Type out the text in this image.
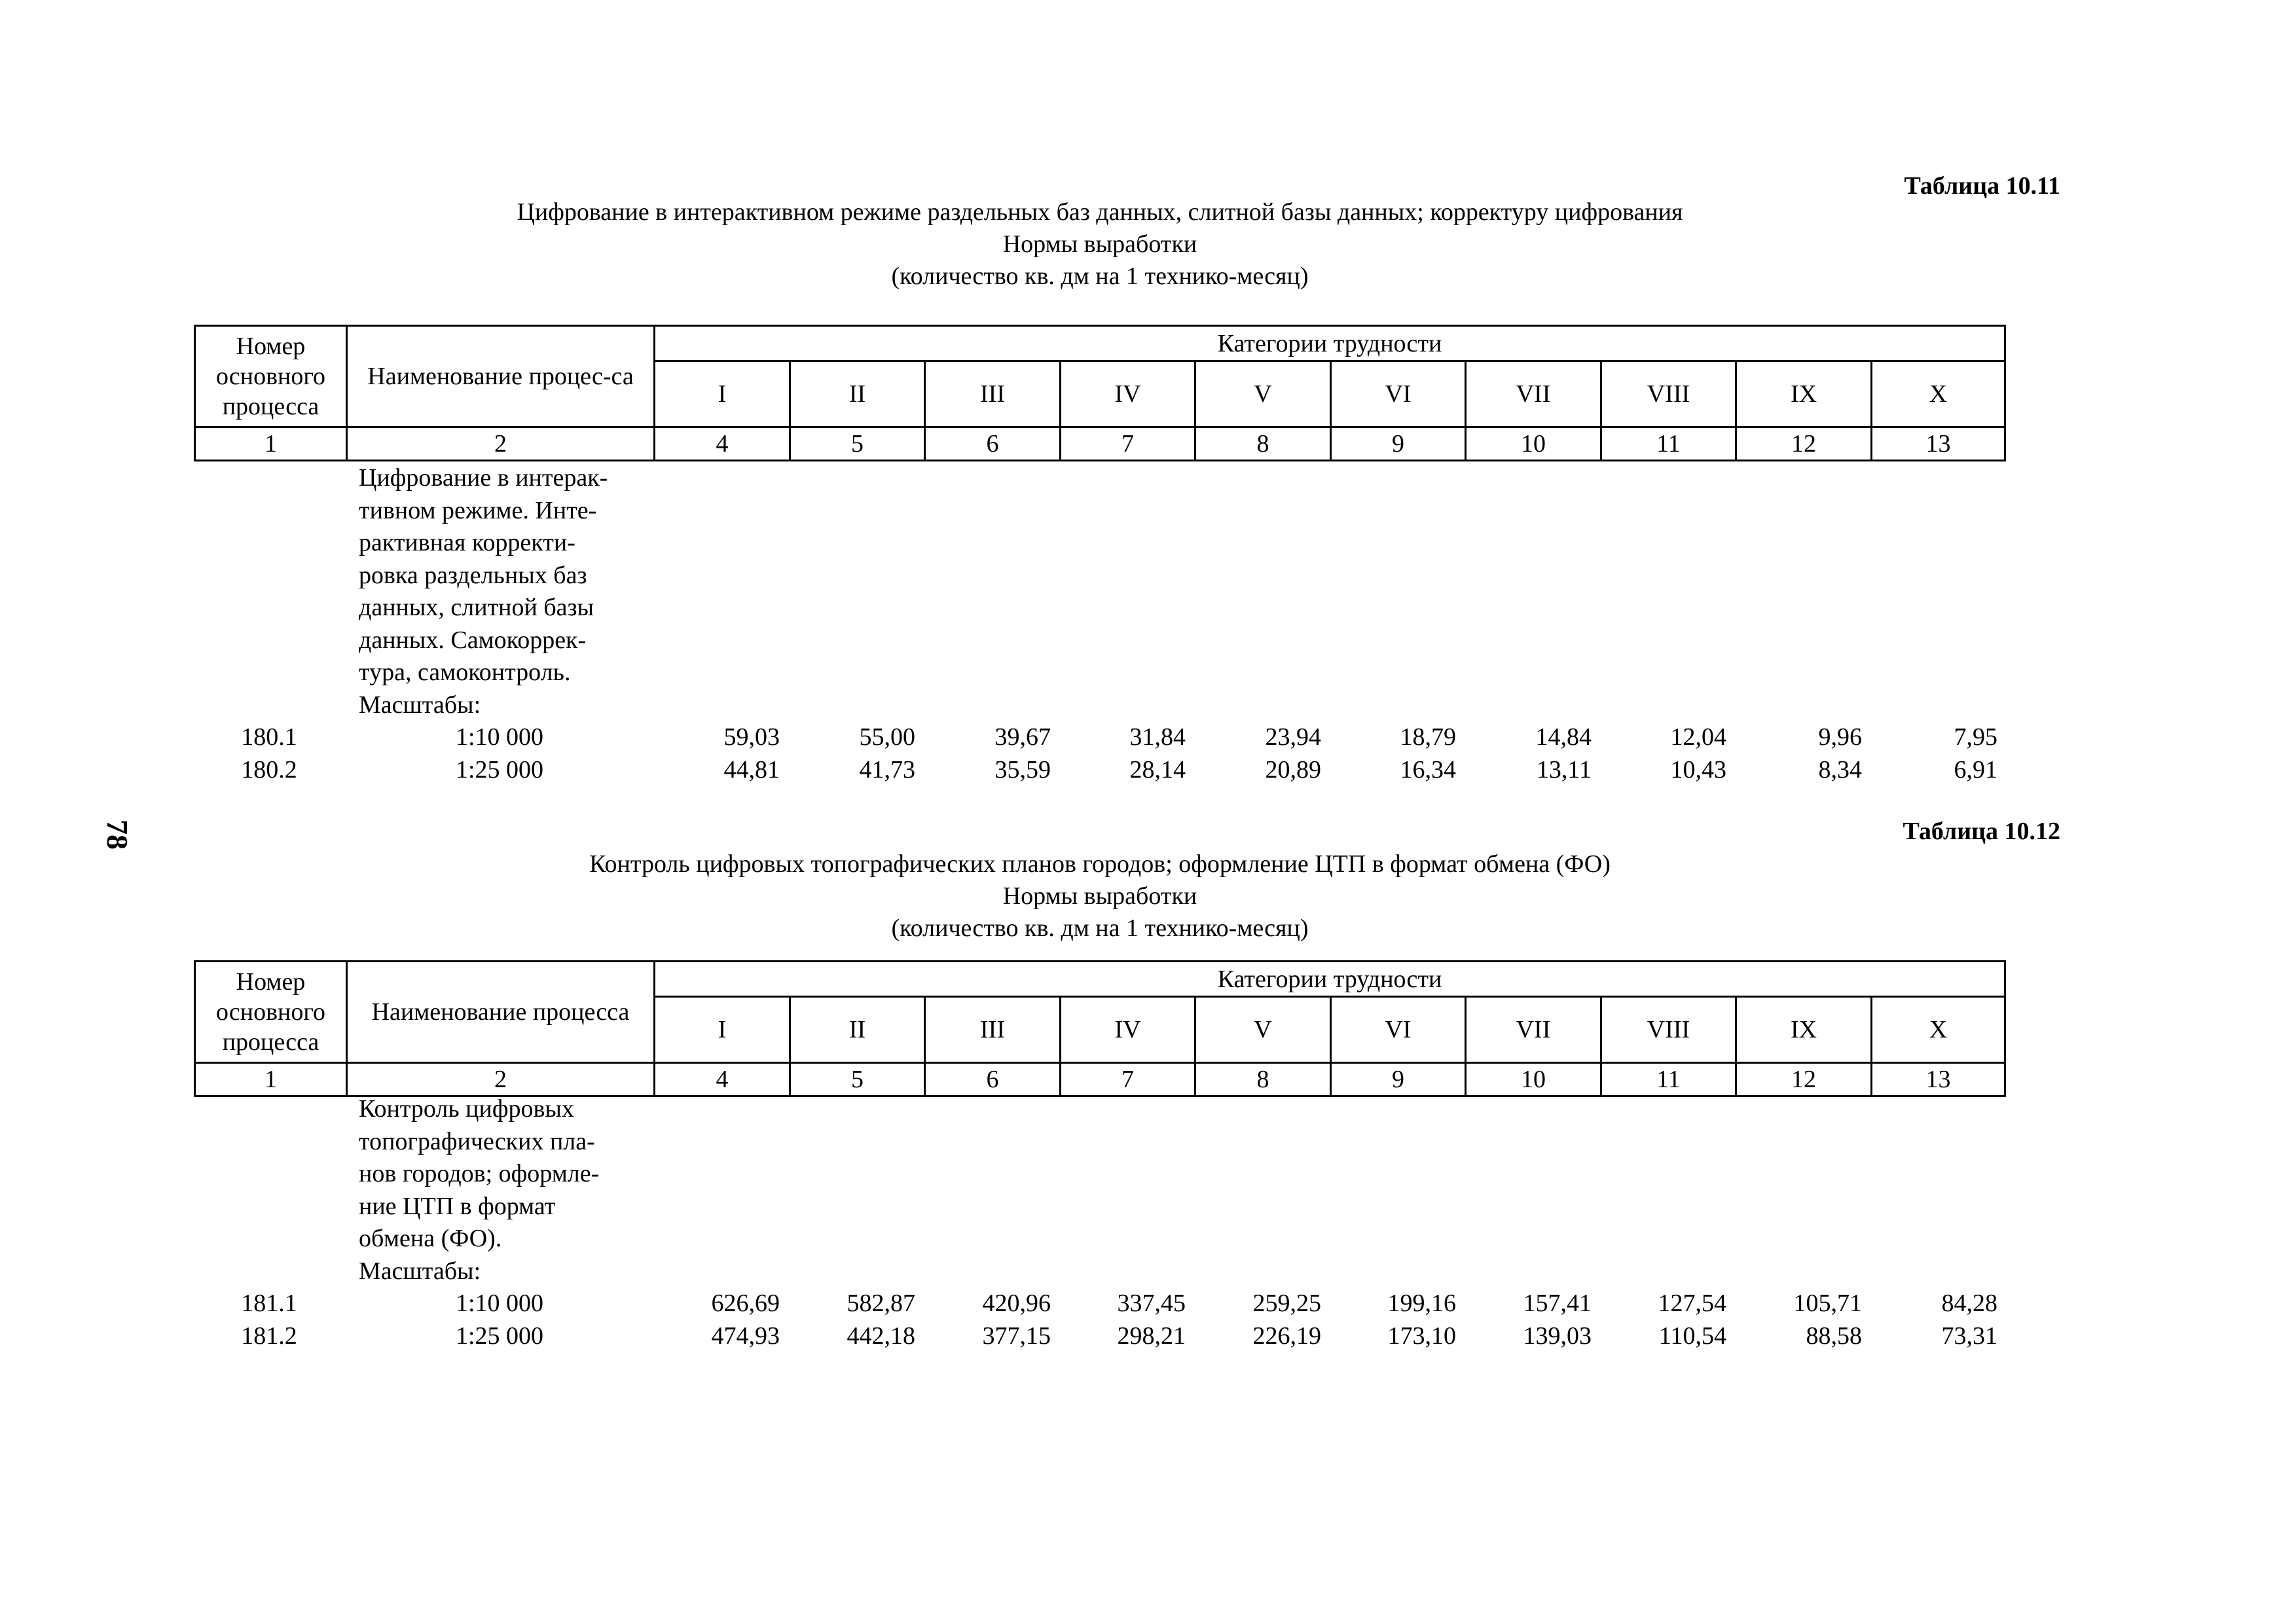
78
Таблица 10.11
Цифрование в интерактивном режиме раздельных баз данных, слитной базы данных; корректуру цифрования
Нормы выработки
(количество кв. дм на 1 технико-месяц)
Номер основного процесса	Наименование процес-са	Категории трудности									
		I	II	III	IV	V	VI	VII	VIII	IX	X
1	2	4	5	6	7	8	9	10	11	12	13
Цифрование в интерак-
тивном режиме. Инте-
рактивная корректи-
ровка раздельных баз
данных, слитной базы
данных. Самокоррек-
тура, самоконтроль.
Масштабы:
180.1	1:10 000	59,03	55,00	39,67	31,84	23,94	18,79	14,84	12,04	9,96	7,95
180.2	1:25 000	44,81	41,73	35,59	28,14	20,89	16,34	13,11	10,43	8,34	6,91
Таблица 10.12
Контроль цифровых топографических планов городов; оформление ЦТП в формат обмена (ФО)
Нормы выработки
(количество кв. дм на 1 технико-месяц)
Номер основного процесса	Наименование процесса	Категории трудности									
		I	II	III	IV	V	VI	VII	VIII	IX	X
1	2	4	5	6	7	8	9	10	11	12	13
Контроль цифровых
топографических пла-
нов городов; оформле-
ние ЦТП в формат
обмена (ФО).
Масштабы:
181.1	1:10 000	626,69	582,87	420,96	337,45	259,25	199,16	157,41	127,54	105,71	84,28
181.2	1:25 000	474,93	442,18	377,15	298,21	226,19	173,10	139,03	110,54	88,58	73,31
